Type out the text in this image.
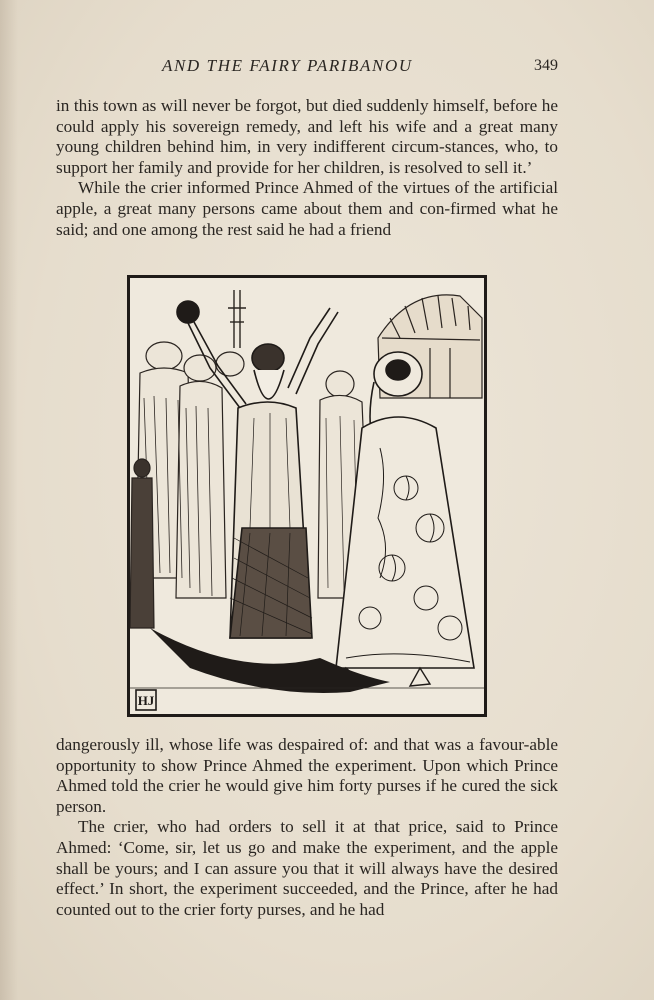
AND THE FAIRY PARIBANOU	349

in this town as will never be forgot, but died suddenly himself, before he could apply his sovereign remedy, and left his wife and a great many young children behind him, in very indifferent circum-stances, who, to support her family and provide for her children, is resolved to sell it.’

While the crier informed Prince Ahmed of the virtues of the artificial apple, a great many persons came about them and con-firmed what he said; and one among the rest said he had a friend

HJ

dangerously ill, whose life was despaired of: and that was a favour-able opportunity to show Prince Ahmed the experiment. Upon which Prince Ahmed told the crier he would give him forty purses if he cured the sick person.

The crier, who had orders to sell it at that price, said to Prince Ahmed: ‘Come, sir, let us go and make the experiment, and the apple shall be yours; and I can assure you that it will always have the desired effect.’ In short, the experiment succeeded, and the Prince, after he had counted out to the crier forty purses, and he had
